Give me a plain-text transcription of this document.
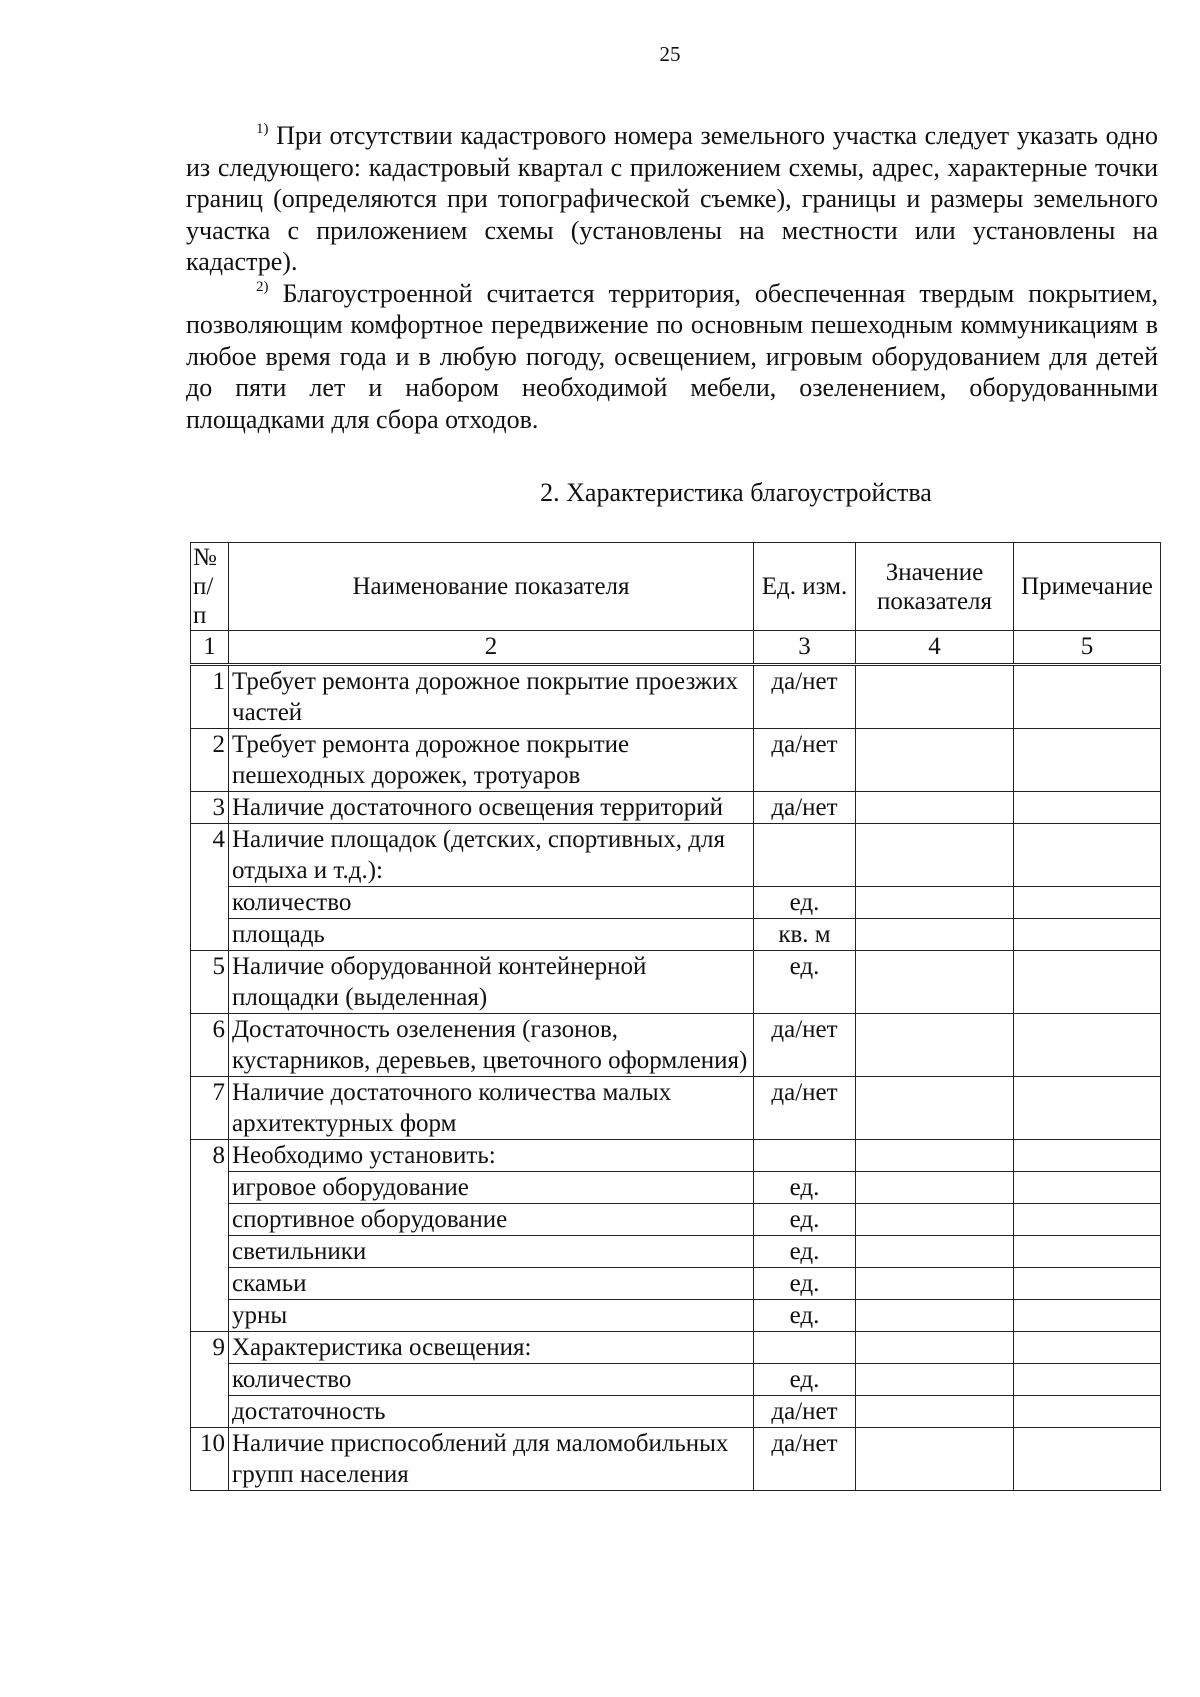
25

$^{1)}$ При отсутствии кадастрового номера земельного участка следует указать одно из следующего: кадастровый квартал с приложением схемы, адрес, характерные точки границ (определяются при топографической съемке), границы и размеры земельного участка с приложением схемы (установлены на местности или установлены на кадастре).

$^{2)}$ Благоустроенной считается территория, обеспеченная твердым покрытием, позволяющим комфортное передвижение по основным пешеходным коммуникациям в любое время года и в любую погоду, освещением, игровым оборудованием для детей до пяти лет и набором необходимой мебели, озеленением, оборудованными площадками для сбора отходов.

2. Характеристика благоустройства
№ п/п	Наименование показателя	Ед. изм.	Значение показателя	Примечание
1	2	3	4	5
1	Требует ремонта дорожное покрытие проезжих частей	да/нет		
2	Требует ремонта дорожное покрытие пешеходных дорожек, тротуаров	да/нет		
3	Наличие достаточного освещения территорий	да/нет		
4	Наличие площадок (детских, спортивных, для отдыха и т.д.):			
	количество	ед.		
	площадь	кв. м		
5	Наличие оборудованной контейнерной площадки (выделенная)	ед.		
6	Достаточность озеленения (газонов, кустарников, деревьев, цветочного оформления)	да/нет		
7	Наличие достаточного количества малых архитектурных форм	да/нет		
8	Необходимо установить:			
	игровое оборудование	ед.		
	спортивное оборудование	ед.		
	светильники	ед.		
	скамьи	ед.		
	урны	ед.		
9	Характеристика освещения:			
	количество	ед.		
	достаточность	да/нет		
10	Наличие приспособлений для маломобильных групп населения	да/нет		
